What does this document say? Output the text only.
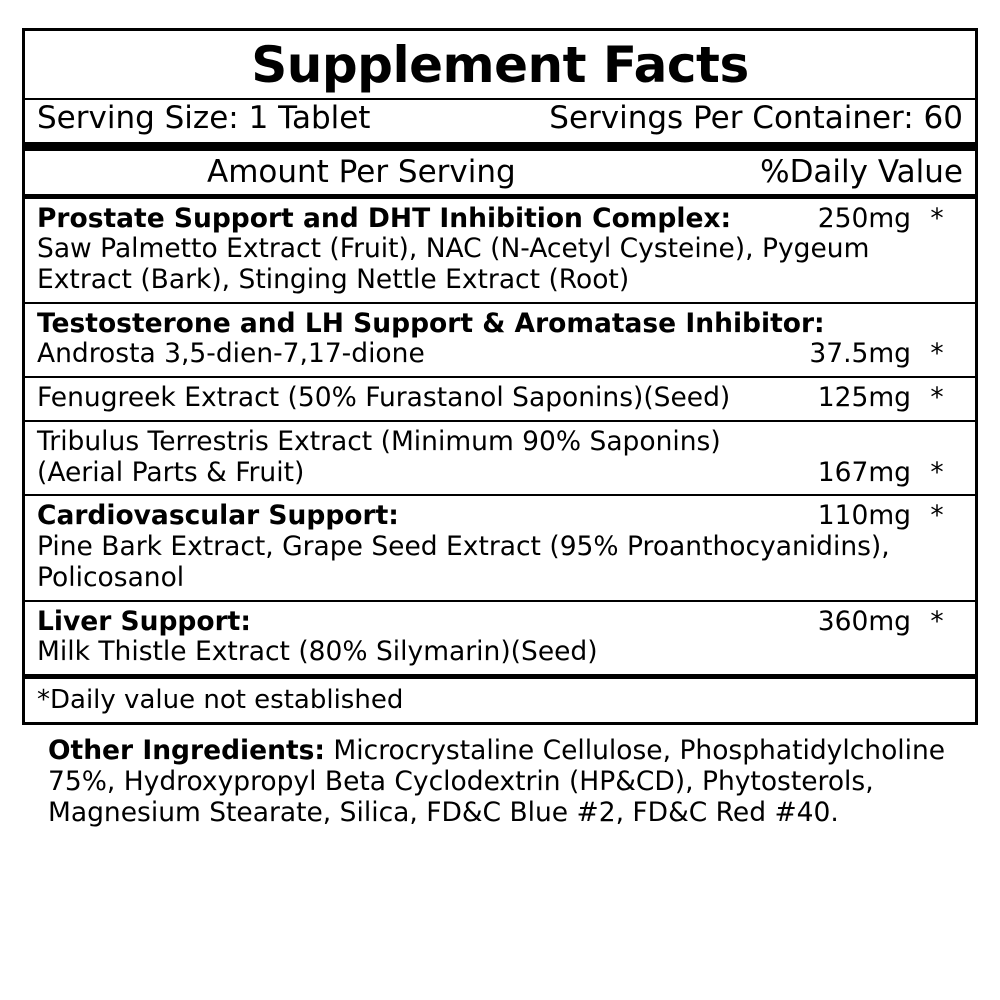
Supplement Facts
Serving Size: 1 Tablet	Servings Per Container: 60
Amount Per Serving	%Daily Value
Prostate Support and DHT Inhibition Complex:	250mg *
Saw Palmetto Extract (Fruit), NAC (N-Acetyl Cysteine), Pygeum
Extract (Bark), Stinging Nettle Extract (Root)
Testosterone and LH Support & Aromatase Inhibitor:
Androsta 3,5-dien-7,17-dione	37.5mg *
Fenugreek Extract (50% Furastanol Saponins)(Seed)	125mg *
Tribulus Terrestris Extract (Minimum 90% Saponins)
(Aerial Parts & Fruit)	167mg *
Cardiovascular Support:	110mg *
Pine Bark Extract, Grape Seed Extract (95% Proanthocyanidins),
Policosanol
Liver Support:	360mg *
Milk Thistle Extract (80% Silymarin)(Seed)
*Daily value not established
Other Ingredients: Microcrystaline Cellulose, Phosphatidylcholine
75%, Hydroxypropyl Beta Cyclodextrin (HP&CD), Phytosterols,
Magnesium Stearate, Silica, FD&C Blue #2, FD&C Red #40.
